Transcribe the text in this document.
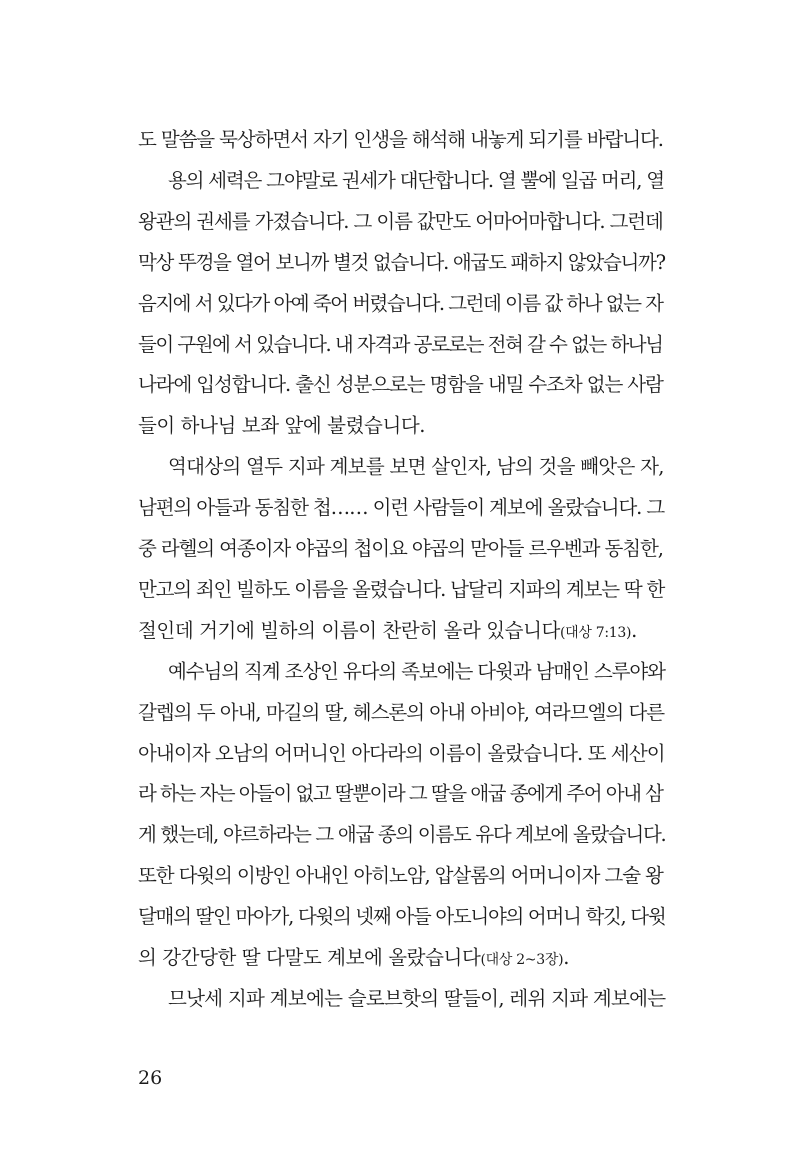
도 말씀을 묵상하면서 자기 인생을 해석해 내놓게 되기를 바랍니다.
용의 세력은 그야말로 권세가 대단합니다. 열 뿔에 일곱 머리, 열
왕관의 권세를 가졌습니다. 그 이름 값만도 어마어마합니다. 그런데
막상 뚜껑을 열어 보니까 별것 없습니다. 애굽도 패하지 않았습니까?
음지에 서 있다가 아예 죽어 버렸습니다. 그런데 이름 값 하나 없는 자
들이 구원에 서 있습니다. 내 자격과 공로로는 전혀 갈 수 없는 하나님
나라에 입성합니다. 출신 성분으로는 명함을 내밀 수조차 없는 사람
들이 하나님 보좌 앞에 불렸습니다.
역대상의 열두 지파 계보를 보면 살인자, 남의 것을 빼앗은 자,
남편의 아들과 동침한 첩…… 이런 사람들이 계보에 올랐습니다. 그
중 라헬의 여종이자 야곱의 첩이요 야곱의 맏아들 르우벤과 동침한,
만고의 죄인 빌하도 이름을 올렸습니다. 납달리 지파의 계보는 딱 한
절인데 거기에 빌하의 이름이 찬란히 올라 있습니다(대상 7:13).
예수님의 직계 조상인 유다의 족보에는 다윗과 남매인 스루야와
갈렙의 두 아내, 마길의 딸, 헤스론의 아내 아비야, 여라므엘의 다른
아내이자 오남의 어머니인 아다라의 이름이 올랐습니다. 또 세산이
라 하는 자는 아들이 없고 딸뿐이라 그 딸을 애굽 종에게 주어 아내 삼
게 했는데, 야르하라는 그 애굽 종의 이름도 유다 계보에 올랐습니다.
또한 다윗의 이방인 아내인 아히노암, 압살롬의 어머니이자 그술 왕
달매의 딸인 마아가, 다윗의 넷째 아들 아도니야의 어머니 학깃, 다윗
의 강간당한 딸 다말도 계보에 올랐습니다(대상 2~3장).
므낫세 지파 계보에는 슬로브핫의 딸들이, 레위 지파 계보에는
26
